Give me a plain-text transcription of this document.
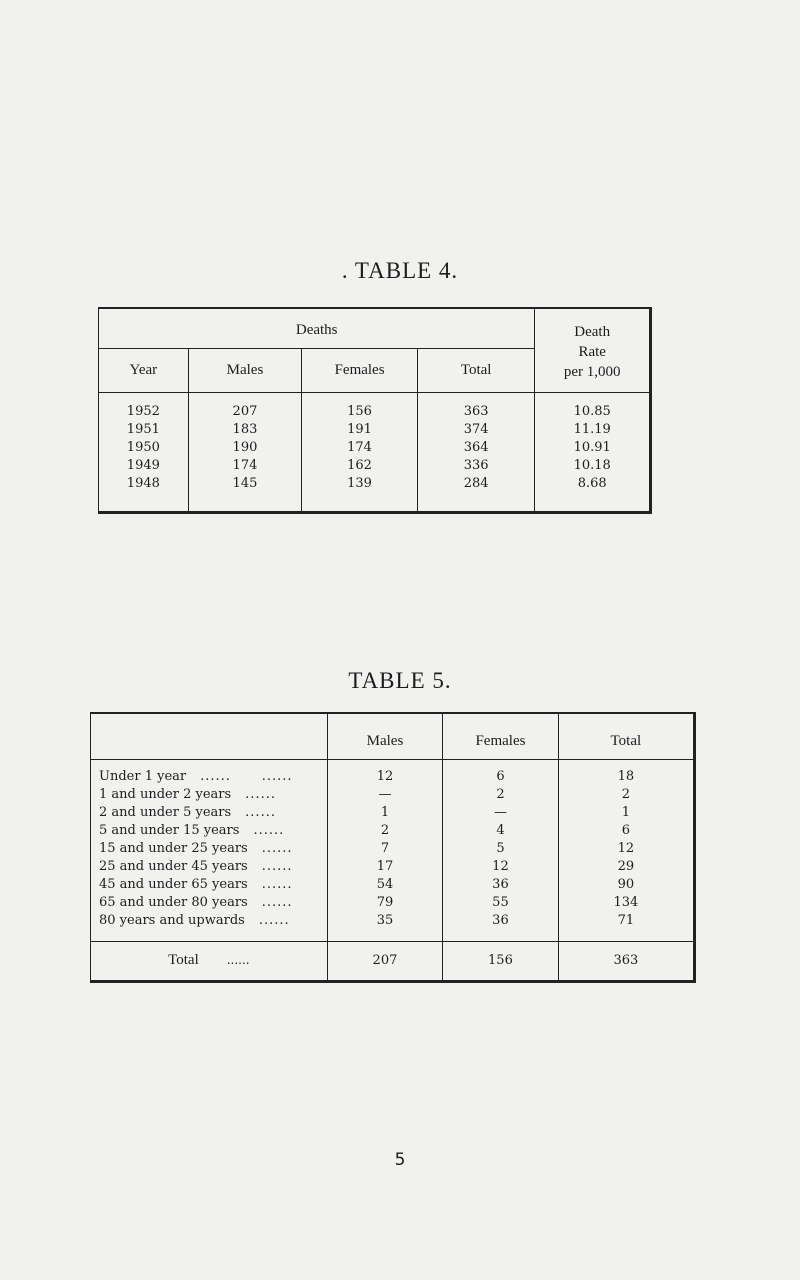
. TABLE 4.
Deaths				Death
Rate
per 1,000
Year	Males	Females	Total	

1952	207	156	363	10.85
1951	183	191	374	11.19
1950	190	174	364	10.91
1949	174	162	336	10.18
1948	145	139	284	8.68

TABLE 5.
	Males	Females	Total

Under 1 year ......      ......	12	6	18
1 and under 2 years ......	—	2	2
2 and under 5 years ......	1	—	1
5 and under 15 years ......	2	4	6
15 and under 25 years ......	7	5	12
25 and under 45 years ......	17	12	29
45 and under 65 years ......	54	36	90
65 and under 80 years ......	79	55	134
80 years and upwards ......	35	36	71

Total ......	207	156	363
5
